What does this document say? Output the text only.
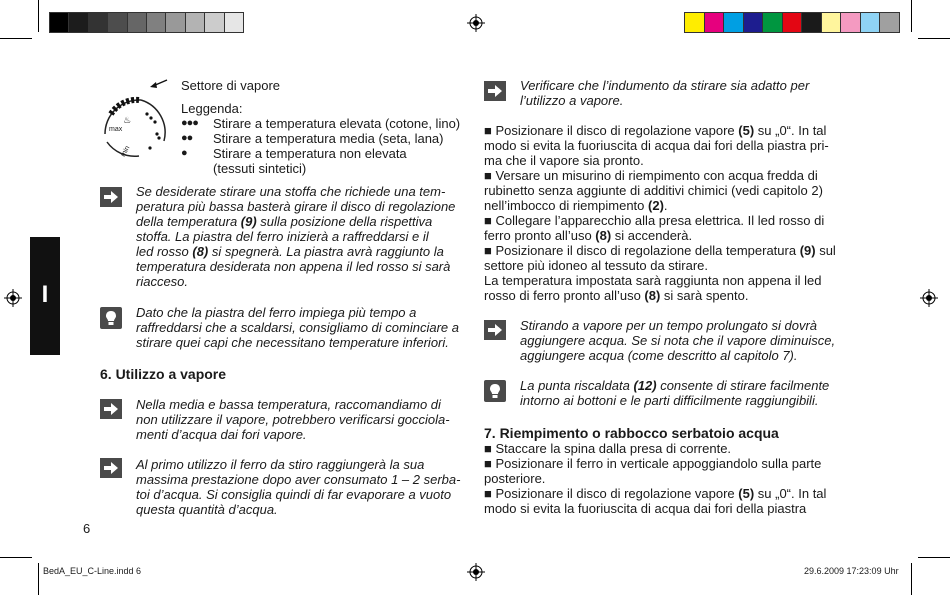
I
♨
max
min
Settore di vapore
Leggenda:
●●● Stirare a temperatura elevata (cotone, lino)
●● Stirare a temperatura media (seta, lana)
● Stirare a temperatura non elevata
(tessuti sintetici)
Se desiderate stirare una stoffa che richiede una tem-
peratura più bassa basterà girare il disco di regolazione
della temperatura (9) sulla posizione della rispettiva
stoffa. La piastra del ferro inizierà a raffreddarsi e il
led rosso (8) si spegnerà. La piastra avrà raggiunto la
temperatura desiderata non appena il led rosso si sarà
riacceso.
Dato che la piastra del ferro impiega più tempo a
raffreddarsi che a scaldarsi, consigliamo di cominciare a
stirare quei capi che necessitano temperature inferiori.
6. Utilizzo a vapore
Nella media e bassa temperatura, raccomandiamo di
non utilizzare il vapore, potrebbero verificarsi gocciola-
menti d’acqua dai fori vapore.
Al primo utilizzo il ferro da stiro raggiungerà la sua
massima prestazione dopo aver consumato 1 – 2 serba-
toi d’acqua. Si consiglia quindi di far evaporare a vuoto
questa quantità d’acqua.
6
Verificare che l’indumento da stirare sia adatto per
l’utilizzo a vapore.
■ Posizionare il disco di regolazione vapore (5) su „0“. In tal
modo si evita la fuoriuscita di acqua dai fori della piastra pri-
ma che il vapore sia pronto.
■ Versare un misurino di riempimento con acqua fredda di
rubinetto senza aggiunte di additivi chimici (vedi capitolo 2)
nell’imbocco di riempimento (2).
■ Collegare l’apparecchio alla presa elettrica. Il led rosso di
ferro pronto all’uso (8) si accenderà.
■ Posizionare il disco di regolazione della temperatura (9) sul
settore più idoneo al tessuto da stirare.
La temperatura impostata sarà raggiunta non appena il led
rosso di ferro pronto all’uso (8) si sarà spento.
Stirando a vapore per un tempo prolungato si dovrà
aggiungere acqua. Se si nota che il vapore diminuisce,
aggiungere acqua (come descritto al capitolo 7).
La punta riscaldata (12) consente di stirare facilmente
intorno ai bottoni e le parti difficilmente raggiungibili.
7. Riempimento o rabbocco serbatoio acqua
■ Staccare la spina dalla presa di corrente.
■ Posizionare il ferro in verticale appoggiandolo sulla parte
posteriore.
■ Posizionare il disco di regolazione vapore (5) su „0“. In tal
modo si evita la fuoriuscita di acqua dai fori della piastra
BedA_EU_C-Line.indd 6	29.6.2009 17:23:09 Uhr
